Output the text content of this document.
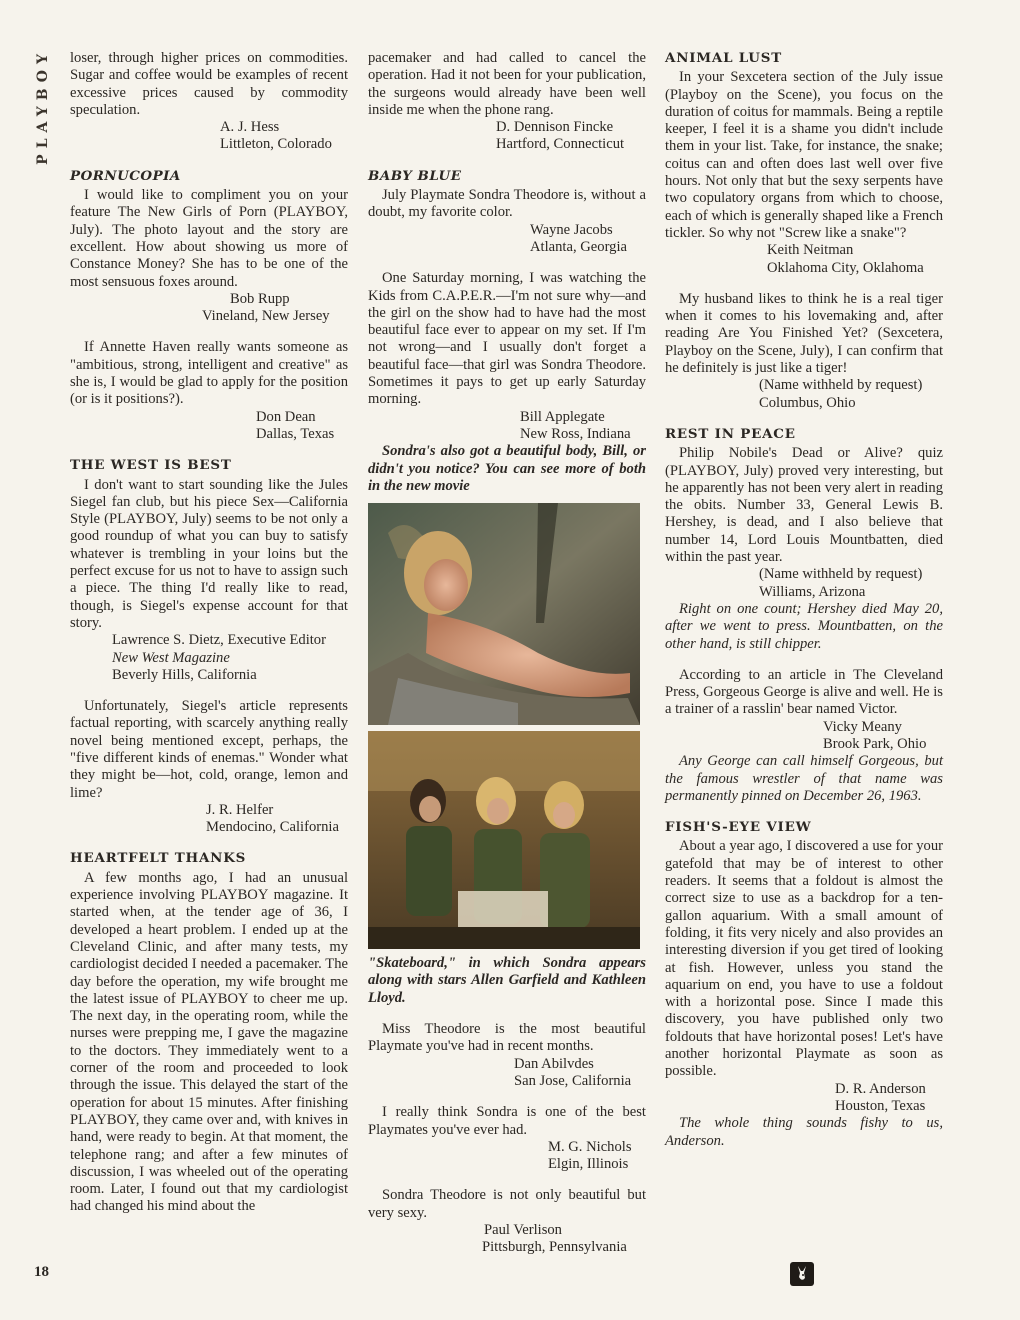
PLAYBOY loser, through higher prices on commodities. Sugar and coffee would be examples of recent excessive prices caused by commodity speculation.

A. J. Hess
Littleton, Colorado
PORNUCOPIA

I would like to compliment you on your feature The New Girls of Porn (PLAYBOY, July). The photo layout and the story are excellent. How about showing us more of Constance Money? She has to be one of the most sensuous foxes around.

Bob Rupp
Vineland, New Jersey

If Annette Haven really wants someone as "ambitious, strong, intelligent and creative" as she is, I would be glad to apply for the position (or is it positions?).

Don Dean
Dallas, Texas
THE WEST IS BEST

I don't want to start sounding like the Jules Siegel fan club, but his piece Sex—California Style (PLAYBOY, July) seems to be not only a good roundup of what you can buy to satisfy whatever is trembling in your loins but the perfect excuse for us not to have to assign such a piece. The thing I'd really like to read, though, is Siegel's expense account for that story.

Lawrence S. Dietz, Executive Editor
New West Magazine
Beverly Hills, California

Unfortunately, Siegel's article represents factual reporting, with scarcely anything really novel being mentioned except, perhaps, the "five different kinds of enemas." Wonder what they might be—hot, cold, orange, lemon and lime?

J. R. Helfer
Mendocino, California
HEARTFELT THANKS

A few months ago, I had an unusual experience involving PLAYBOY magazine. It started when, at the tender age of 36, I developed a heart problem. I ended up at the Cleveland Clinic, and after many tests, my cardiologist decided I needed a pacemaker. The day before the operation, my wife brought me the latest issue of PLAYBOY to cheer me up. The next day, in the operating room, while the nurses were prepping me, I gave the magazine to the doctors. They immediately went to a corner of the room and proceeded to look through the issue. This delayed the start of the operation for about 15 minutes. After finishing PLAYBOY, they came over and, with knives in hand, were ready to begin. At that moment, the telephone rang; and after a few minutes of discussion, I was wheeled out of the operating room. Later, I found out that my cardiologist had changed his mind about the

pacemaker and had called to cancel the operation. Had it not been for your publication, the surgeons would already have been well inside me when the phone rang.

D. Dennison Fincke
Hartford, Connecticut
BABY BLUE

July Playmate Sondra Theodore is, without a doubt, my favorite color.

Wayne Jacobs
Atlanta, Georgia

One Saturday morning, I was watching the Kids from C.A.P.E.R.—I'm not sure why—and the girl on the show had to have had the most beautiful face ever to appear on my set. If I'm not wrong—and I usually don't forget a beautiful face—that girl was Sondra Theodore. Sometimes it pays to get up early Saturday morning.

Bill Applegate
New Ross, Indiana

Sondra's also got a beautiful body, Bill, or didn't you notice? You can see more of both in the new movie

"Skateboard," in which Sondra appears along with stars Allen Garfield and Kathleen Lloyd.

Miss Theodore is the most beautiful Playmate you've had in recent months.

Dan Abilvdes
San Jose, California

I really think Sondra is one of the best Playmates you've ever had.

M. G. Nichols
Elgin, Illinois

Sondra Theodore is not only beautiful but very sexy.

Paul Verlison
Pittsburgh, Pennsylvania
ANIMAL LUST

In your Sexcetera section of the July issue (Playboy on the Scene), you focus on the duration of coitus for mammals. Being a reptile keeper, I feel it is a shame you didn't include them in your list. Take, for instance, the snake; coitus can and often does last well over five hours. Not only that but the sexy serpents have two copulatory organs from which to choose, each of which is generally shaped like a French tickler. So why not "Screw like a snake"?

Keith Neitman
Oklahoma City, Oklahoma

My husband likes to think he is a real tiger when it comes to his lovemaking and, after reading Are You Finished Yet? (Sexcetera, Playboy on the Scene, July), I can confirm that he definitely is just like a tiger!

(Name withheld by request)
Columbus, Ohio
REST IN PEACE

Philip Nobile's Dead or Alive? quiz (PLAYBOY, July) proved very interesting, but he apparently has not been very alert in reading the obits. Number 33, General Lewis B. Hershey, is dead, and I also believe that number 14, Lord Louis Mountbatten, died within the past year.

(Name withheld by request)
Williams, Arizona

Right on one count; Hershey died May 20, after we went to press. Mountbatten, on the other hand, is still chipper.

According to an article in The Cleveland Press, Gorgeous George is alive and well. He is a trainer of a rasslin' bear named Victor.

Vicky Meany
Brook Park, Ohio

Any George can call himself Gorgeous, but the famous wrestler of that name was permanently pinned on December 26, 1963.

FISH'S-EYE VIEW

About a year ago, I discovered a use for your gatefold that may be of interest to other readers. It seems that a foldout is almost the correct size to use as a backdrop for a ten-gallon aquarium. With a small amount of folding, it fits very nicely and also provides an interesting diversion if you get tired of looking at fish. However, unless you stand the aquarium on end, you have to use a foldout with a horizontal pose. Since I made this discovery, you have published only two foldouts that have horizontal poses! Let's have another horizontal Playmate as soon as possible.

D. R. Anderson
Houston, Texas

The whole thing sounds fishy to us, Anderson.

18
